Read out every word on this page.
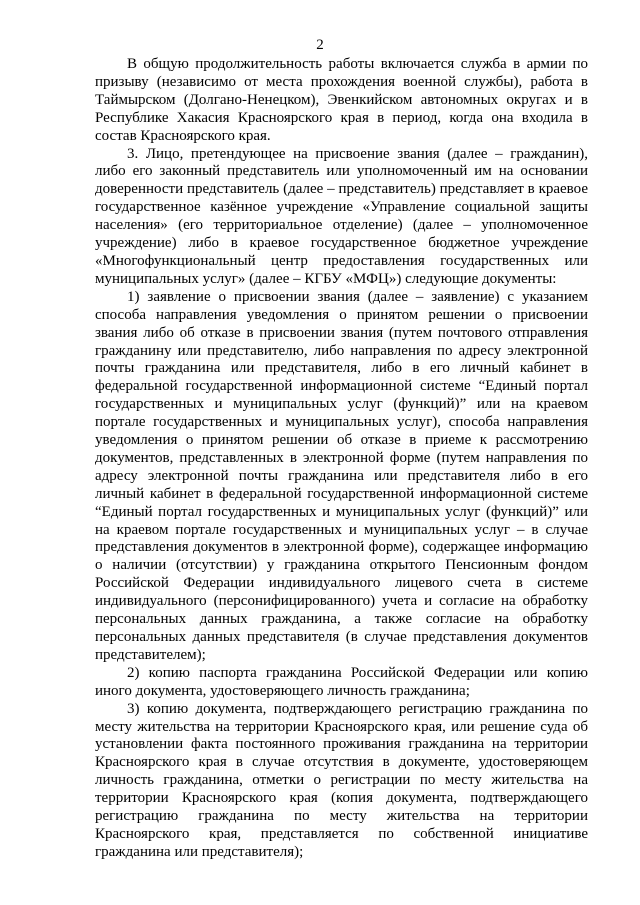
2

В общую продолжительность работы включается служба в армии по призыву (независимо от места прохождения военной службы), работа в Таймырском (Долгано-Ненецком), Эвенкийском автономных округах и в Республике Хакасия Красноярского края в период, когда она входила в состав Красноярского края.

3. Лицо, претендующее на присвоение звания (далее – гражданин), либо его законный представитель или уполномоченный им на основании доверенности представитель (далее – представитель) представляет в краевое государственное казённое учреждение «Управление социальной защиты населения» (его территориальное отделение) (далее – уполномоченное учреждение) либо в краевое государственное бюджетное учреждение «Многофункциональный центр предоставления государственных или муниципальных услуг» (далее – КГБУ «МФЦ») следующие документы:

1) заявление о присвоении звания (далее – заявление) с указанием способа направления уведомления о принятом решении о присвоении звания либо об отказе в присвоении звания (путем почтового отправления гражданину или представителю, либо направления по адресу электронной почты гражданина или представителя, либо в его личный кабинет в федеральной государственной информационной системе “Единый портал государственных и муниципальных услуг (функций)” или на краевом портале государственных и муниципальных услуг), способа направления уведомления о принятом решении об отказе в приеме к рассмотрению документов, представленных в электронной форме (путем направления по адресу электронной почты гражданина или представителя либо в его личный кабинет в федеральной государственной информационной системе “Единый портал государственных и муниципальных услуг (функций)” или на краевом портале государственных и муниципальных услуг – в случае представления документов в электронной форме), содержащее информацию о наличии (отсутствии) у гражданина открытого Пенсионным фондом Российской Федерации индивидуального лицевого счета в системе индивидуального (персонифицированного) учета и согласие на обработку персональных данных гражданина, а также согласие на обработку персональных данных представителя (в случае представления документов представителем);

2) копию паспорта гражданина Российской Федерации или копию иного документа, удостоверяющего личность гражданина;

3) копию документа, подтверждающего регистрацию гражданина по месту жительства на территории Красноярского края, или решение суда об установлении факта постоянного проживания гражданина на территории Красноярского края в случае отсутствия в документе, удостоверяющем личность гражданина, отметки о регистрации по месту жительства на территории Красноярского края (копия документа, подтверждающего регистрацию гражданина по месту жительства на территории Красноярского края, представляется по собственной инициативе гражданина или представителя);
